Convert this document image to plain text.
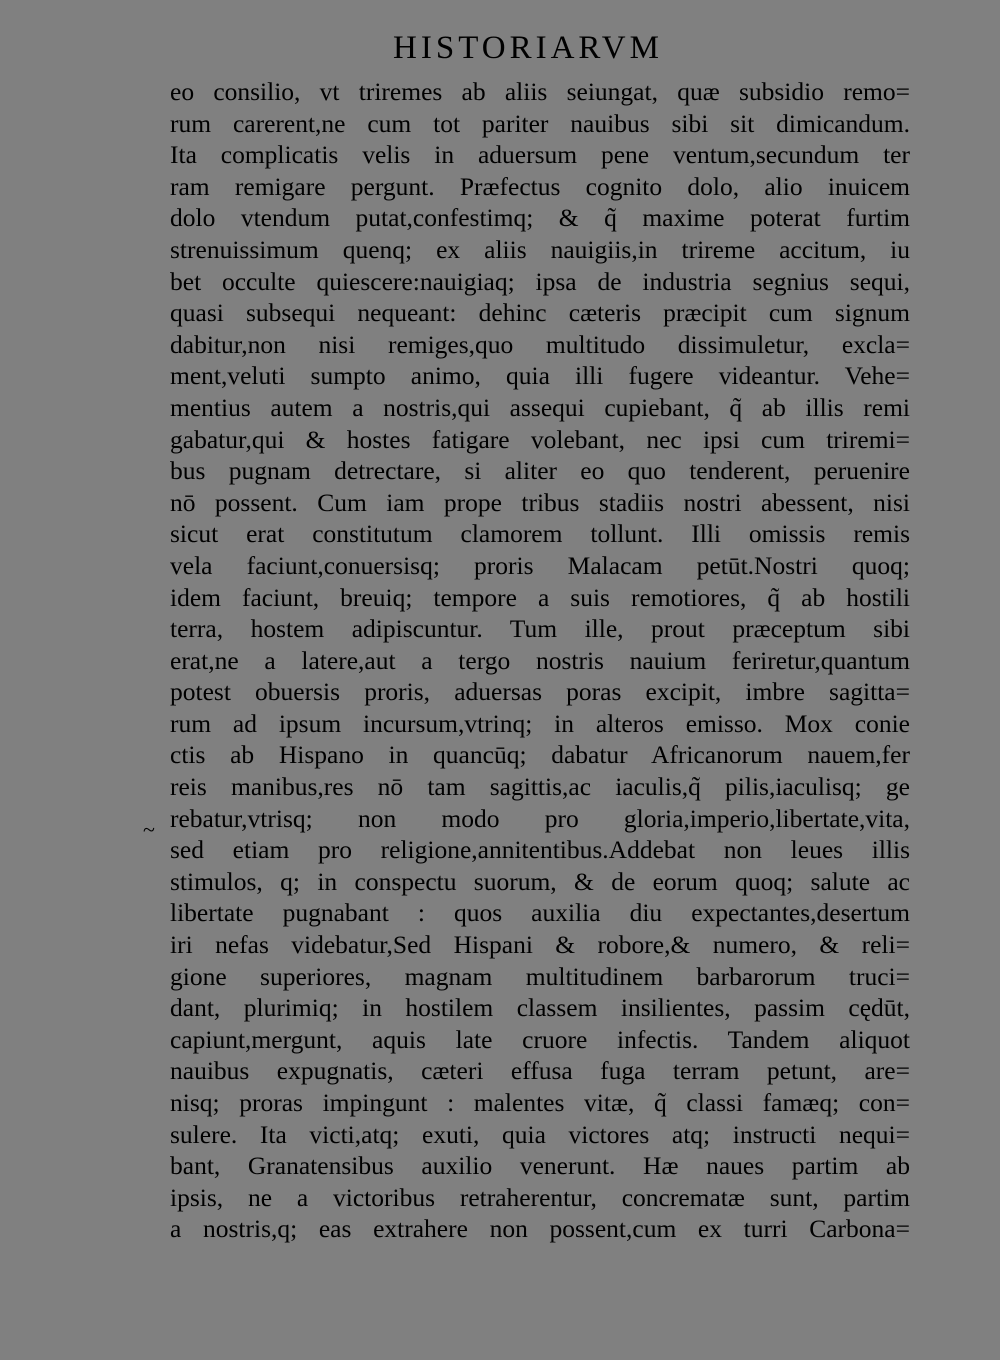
HISTORIARVM
~
eo consilio, vt triremes ab aliis seiungat, quæ subsidio remo=
rum carerent,ne cum tot pariter nauibus sibi sit dimicandum.
Ita complicatis velis in aduersum pene ventum,secundum ter
ram remigare pergunt. Præfectus cognito dolo, alio inuicem
dolo vtendum putat,confestimq; & q̃ maxime poterat furtim
strenuissimum quenq; ex aliis nauigiis,in trireme accitum, iu
bet occulte quiescere:nauigiaq; ipsa de industria segnius sequi,
quasi subsequi nequeant: dehinc cæteris præcipit cum signum
dabitur,non nisi remiges,quo multitudo dissimuletur, excla=
ment,veluti sumpto animo, quia illi fugere videantur. Vehe=
mentius autem a nostris,qui assequi cupiebant, q̃ ab illis remi
gabatur,qui & hostes fatigare volebant, nec ipsi cum triremi=
bus pugnam detrectare, si aliter eo quo tenderent, peruenire
nō possent. Cum iam prope tribus stadiis nostri abessent, nisi
sicut erat constitutum clamorem tollunt. Illi omissis remis
vela faciunt,conuersisq; proris Malacam petūt.Nostri quoq;
idem faciunt, breuiq; tempore a suis remotiores, q̃ ab hostili
terra, hostem adipiscuntur. Tum ille, prout præceptum sibi
erat,ne a latere,aut a tergo nostris nauium feriretur,quantum
potest obuersis proris, aduersas poras excipit, imbre sagitta=
rum ad ipsum incursum,vtrinq; in alteros emisso. Mox conie
ctis ab Hispano in quancūq; dabatur Africanorum nauem,fer
reis manibus,res nō tam sagittis,ac iaculis,q̃ pilis,iaculisq; ge
rebatur,vtrisq; non modo pro gloria,imperio,libertate,vita,
sed etiam pro religione,annitentibus.Addebat non leues illis
stimulos, q; in conspectu suorum, & de eorum quoq; salute ac
libertate pugnabant : quos auxilia diu expectantes,desertum
iri nefas videbatur,Sed Hispani & robore,& numero, & reli=
gione superiores, magnam multitudinem barbarorum truci=
dant, plurimiq; in hostilem classem insilientes, passim cędūt,
capiunt,mergunt, aquis late cruore infectis. Tandem aliquot
nauibus expugnatis, cæteri effusa fuga terram petunt, are=
nisq; proras impingunt : malentes vitæ, q̃ classi famæq; con=
sulere. Ita victi,atq; exuti, quia victores atq; instructi nequi=
bant, Granatensibus auxilio venerunt. Hæ naues partim ab
ipsis, ne a victoribus retraherentur, concrematæ sunt, partim
a nostris,q; eas extrahere non possent,cum ex turri Carbona=
